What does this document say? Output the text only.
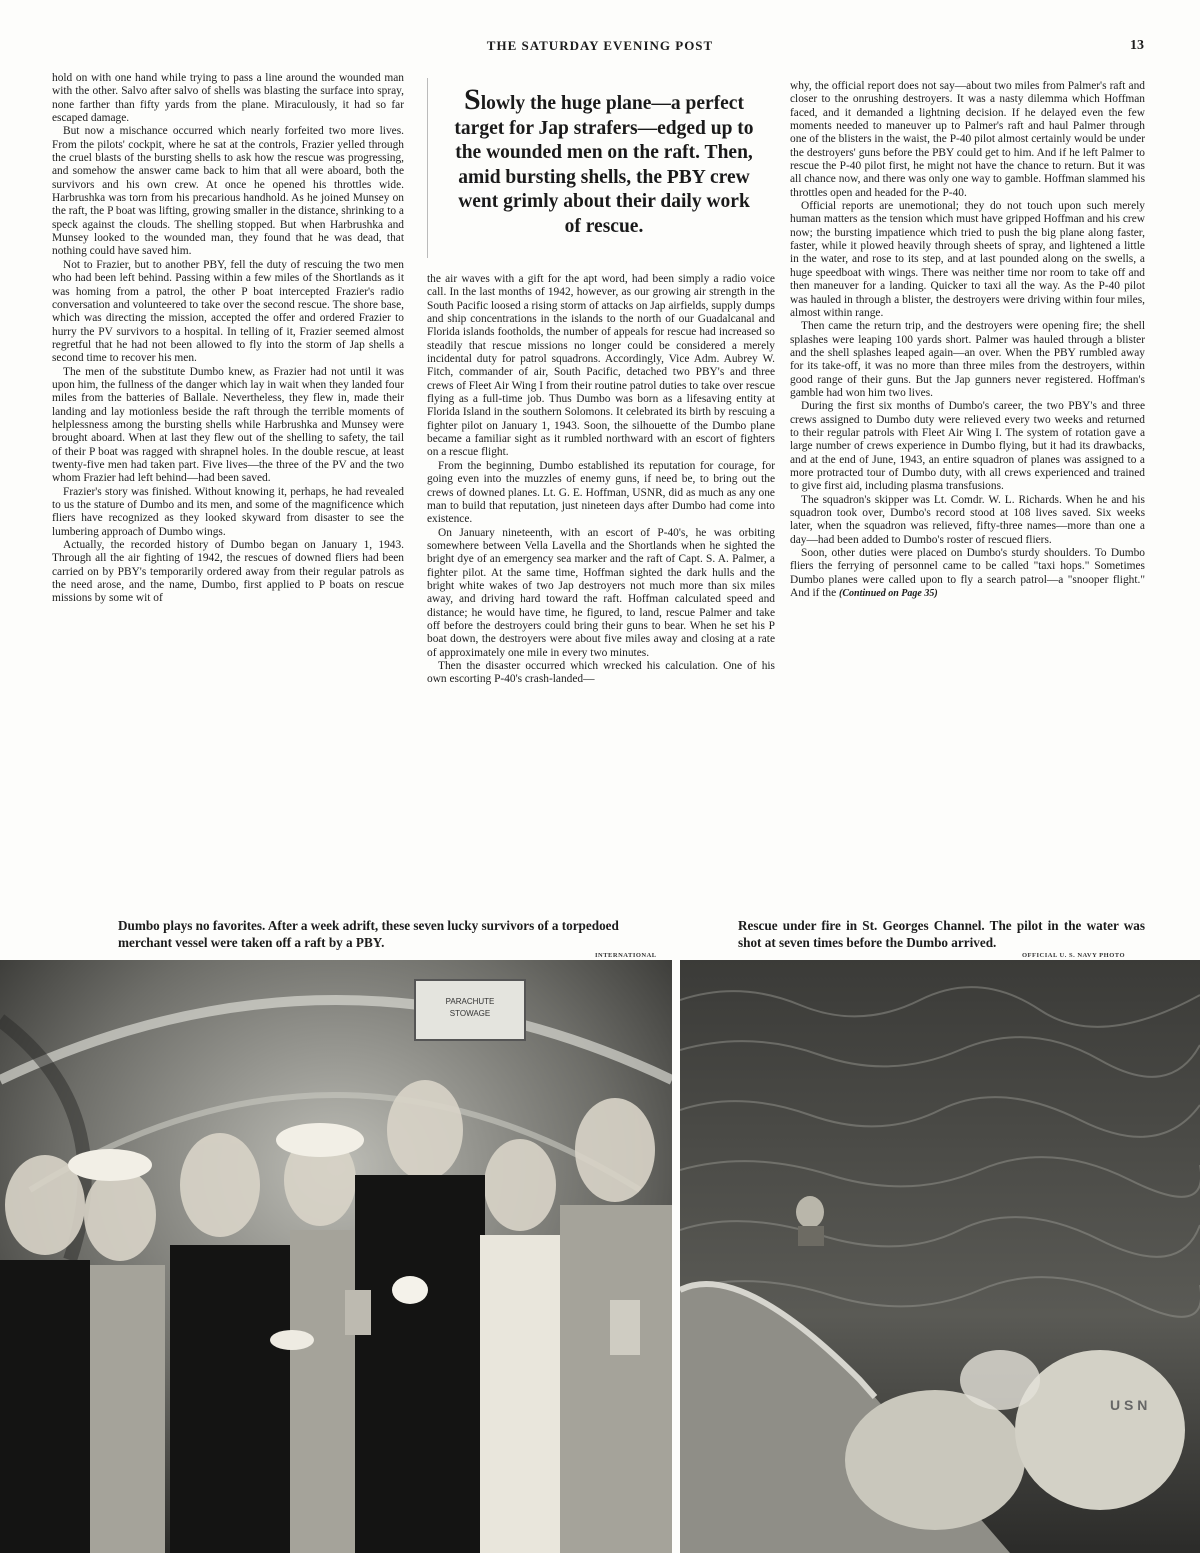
THE SATURDAY EVENING POST	13

hold on with one hand while trying to pass a line around the wounded man with the other. Salvo after salvo of shells was blasting the surface into spray, none farther than fifty yards from the plane. Miraculously, it had so far escaped damage.

But now a mischance occurred which nearly forfeited two more lives. From the pilots' cockpit, where he sat at the controls, Frazier yelled through the cruel blasts of the bursting shells to ask how the rescue was progressing, and somehow the answer came back to him that all were aboard, both the survivors and his own crew. At once he opened his throttles wide. Harbrushka was torn from his precarious handhold. As he joined Munsey on the raft, the P boat was lifting, growing smaller in the distance, shrinking to a speck against the clouds. The shelling stopped. But when Harbrushka and Munsey looked to the wounded man, they found that he was dead, that nothing could have saved him.

Not to Frazier, but to another PBY, fell the duty of rescuing the two men who had been left behind. Passing within a few miles of the Shortlands as it was homing from a patrol, the other P boat intercepted Frazier's radio conversation and volunteered to take over the second rescue. The shore base, which was directing the mission, accepted the offer and ordered Frazier to hurry the PV survivors to a hospital. In telling of it, Frazier seemed almost regretful that he had not been allowed to fly into the storm of Jap shells a second time to recover his men.

The men of the substitute Dumbo knew, as Frazier had not until it was upon him, the fullness of the danger which lay in wait when they landed four miles from the batteries of Ballale. Nevertheless, they flew in, made their landing and lay motionless beside the raft through the terrible moments of helplessness among the bursting shells while Harbrushka and Munsey were brought aboard. When at last they flew out of the shelling to safety, the tail of their P boat was ragged with shrapnel holes. In the double rescue, at least twenty-five men had taken part. Five lives—the three of the PV and the two whom Frazier had left behind—had been saved.

Frazier's story was finished. Without knowing it, perhaps, he had revealed to us the stature of Dumbo and its men, and some of the magnificence which fliers have recognized as they looked skyward from disaster to see the lumbering approach of Dumbo wings.

Actually, the recorded history of Dumbo began on January 1, 1943. Through all the air fighting of 1942, the rescues of downed fliers had been carried on by PBY's temporarily ordered away from their regular patrols as the need arose, and the name, Dumbo, first applied to P boats on rescue missions by some wit of

Slowly the huge plane—a perfect target for Jap strafers—edged up to the wounded men on the raft. Then, amid bursting shells, the PBY crew went grimly about their daily work of rescue.

the air waves with a gift for the apt word, had been simply a radio voice call. In the last months of 1942, however, as our growing air strength in the South Pacific loosed a rising storm of attacks on Jap airfields, supply dumps and ship concentrations in the islands to the north of our Guadalcanal and Florida islands footholds, the number of appeals for rescue had increased so steadily that rescue missions no longer could be considered a merely incidental duty for patrol squadrons. Accordingly, Vice Adm. Aubrey W. Fitch, commander of air, South Pacific, detached two PBY's and three crews of Fleet Air Wing I from their routine patrol duties to take over rescue flying as a full-time job. Thus Dumbo was born as a lifesaving entity at Florida Island in the southern Solomons. It celebrated its birth by rescuing a fighter pilot on January 1, 1943. Soon, the silhouette of the Dumbo plane became a familiar sight as it rumbled northward with an escort of fighters on a rescue flight.

From the beginning, Dumbo established its reputation for courage, for going even into the muzzles of enemy guns, if need be, to bring out the crews of downed planes. Lt. G. E. Hoffman, USNR, did as much as any one man to build that reputation, just nineteen days after Dumbo had come into existence.

On January nineteenth, with an escort of P-40's, he was orbiting somewhere between Vella Lavella and the Shortlands when he sighted the bright dye of an emergency sea marker and the raft of Capt. S. A. Palmer, a fighter pilot. At the same time, Hoffman sighted the dark hulls and the bright white wakes of two Jap destroyers not much more than six miles away, and driving hard toward the raft. Hoffman calculated speed and distance; he would have time, he figured, to land, rescue Palmer and take off before the destroyers could bring their guns to bear. When he set his P boat down, the destroyers were about five miles away and closing at a rate of approximately one mile in every two minutes.

Then the disaster occurred which wrecked his calculation. One of his own escorting P-40's crash-landed—

why, the official report does not say—about two miles from Palmer's raft and closer to the onrushing destroyers. It was a nasty dilemma which Hoffman faced, and it demanded a lightning decision. If he delayed even the few moments needed to maneuver up to Palmer's raft and haul Palmer through one of the blisters in the waist, the P-40 pilot almost certainly would be under the destroyers' guns before the PBY could get to him. And if he left Palmer to rescue the P-40 pilot first, he might not have the chance to return. But it was all chance now, and there was only one way to gamble. Hoffman slammed his throttles open and headed for the P-40.

Official reports are unemotional; they do not touch upon such merely human matters as the tension which must have gripped Hoffman and his crew now; the bursting impatience which tried to push the big plane along faster, faster, while it plowed heavily through sheets of spray, and lightened a little in the water, and rose to its step, and at last pounded along on the swells, a huge speedboat with wings. There was neither time nor room to take off and then maneuver for a landing. Quicker to taxi all the way. As the P-40 pilot was hauled in through a blister, the destroyers were driving within four miles, almost within range.

Then came the return trip, and the destroyers were opening fire; the shell splashes were leaping 100 yards short. Palmer was hauled through a blister and the shell splashes leaped again—an over. When the PBY rumbled away for its take-off, it was no more than three miles from the destroyers, within good range of their guns. But the Jap gunners never registered. Hoffman's gamble had won him two lives.

During the first six months of Dumbo's career, the two PBY's and three crews assigned to Dumbo duty were relieved every two weeks and returned to their regular patrols with Fleet Air Wing I. The system of rotation gave a large number of crews experience in Dumbo flying, but it had its drawbacks, and at the end of June, 1943, an entire squadron of planes was assigned to a more protracted tour of Dumbo duty, with all crews experienced and trained to give first aid, including plasma transfusions.

The squadron's skipper was Lt. Comdr. W. L. Richards. When he and his squadron took over, Dumbo's record stood at 108 lives saved. Six weeks later, when the squadron was relieved, fifty-three names—more than one a day—had been added to Dumbo's roster of rescued fliers.

Soon, other duties were placed on Dumbo's sturdy shoulders. To Dumbo fliers the ferrying of personnel came to be called "taxi hops." Sometimes Dumbo planes were called upon to fly a search patrol—a "snooper flight." And if the (Continued on Page 35)

Dumbo plays no favorites. After a week adrift, these seven lucky survivors of a torpedoed merchant vessel were taken off a raft by a PBY.
Rescue under fire in St. Georges Channel. The pilot in the water was shot at seven times before the Dumbo arrived.
INTERNATIONAL	OFFICIAL U. S. NAVY PHOTO
PARACHUTE
STOWAGE
U S N
